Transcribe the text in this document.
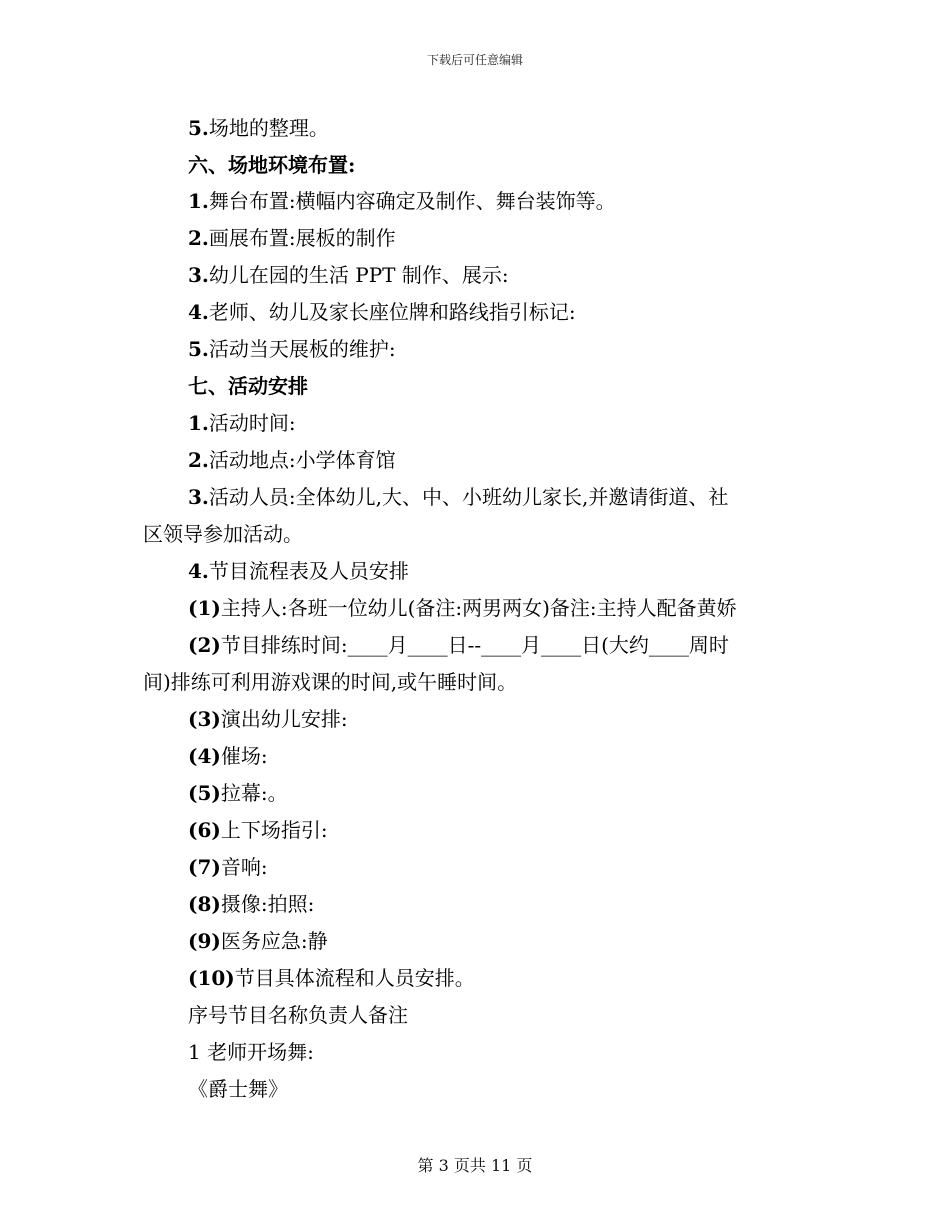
下载后可任意编辑
5.场地的整理。
六、场地环境布置:
1.舞台布置:横幅内容确定及制作、舞台装饰等。
2.画展布置:展板的制作
3.幼儿在园的生活 PPT 制作、展示:
4.老师、幼儿及家长座位牌和路线指引标记:
5.活动当天展板的维护:
七、活动安排
1.活动时间:
2.活动地点:小学体育馆
3.活动人员:全体幼儿,大、中、小班幼儿家长,并邀请街道、社
区领导参加活动。
4.节目流程表及人员安排
(1)主持人:各班一位幼儿(备注:两男两女)备注:主持人配备黄娇
(2)节目排练时间:____月____日--____月____日(大约____周时
间)排练可利用游戏课的时间,或午睡时间。
(3)演出幼儿安排:
(4)催场:
(5)拉幕:。
(6)上下场指引:
(7)音响:
(8)摄像:拍照:
(9)医务应急:静
(10)节目具体流程和人员安排。
序号节目名称负责人备注
1 老师开场舞:
《爵士舞》
第 3 页共 11 页
